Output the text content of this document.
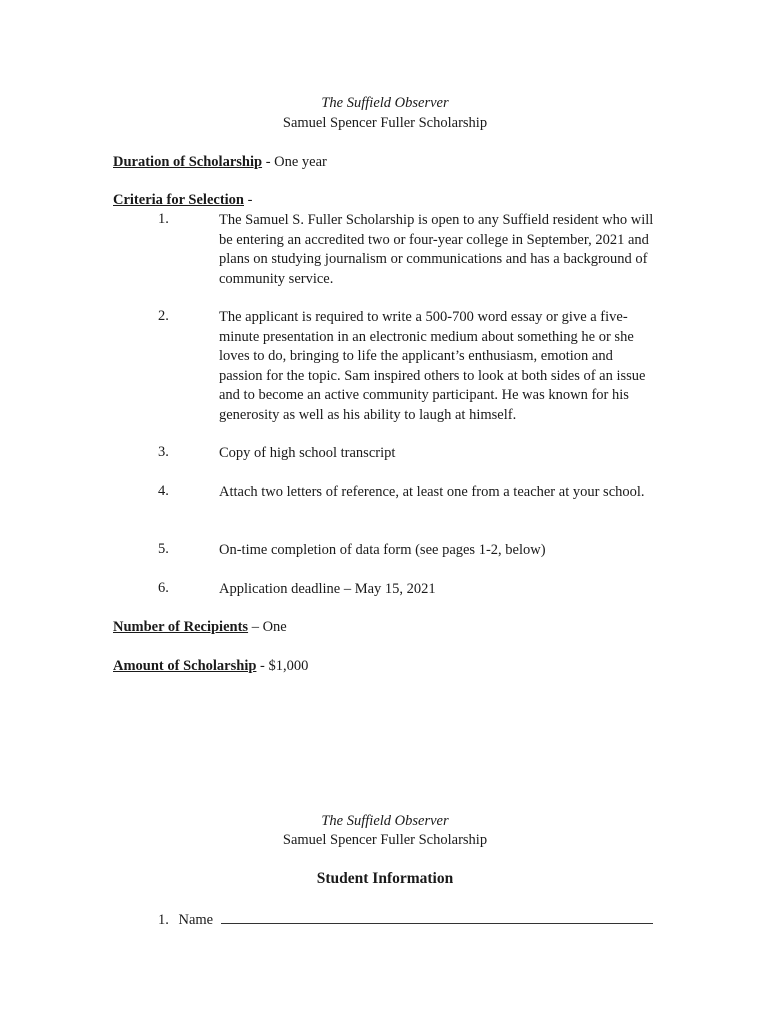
The Suffield Observer
Samuel Spencer Fuller Scholarship
Duration of Scholarship - One year
Criteria for Selection -
1.	The Samuel S. Fuller Scholarship is open to any Suffield resident who will be entering an accredited two or four-year college in September, 2021 and plans on studying journalism or communications and has a background of community service.
2.	The applicant is required to write a 500-700 word essay or give a five-minute presentation in an electronic medium about something he or she loves to do, bringing to life the applicant’s enthusiasm, emotion and passion for the topic. Sam inspired others to look at both sides of an issue and to become an active community participant. He was known for his generosity as well as his ability to laugh at himself.
3.	Copy of high school transcript
4.	Attach two letters of reference, at least one from a teacher at your school.
5.	On-time completion of data form (see pages 1-2, below)
6.	Application deadline – May 15, 2021
Number of Recipients – One
Amount of Scholarship - $1,000
The Suffield Observer
Samuel Spencer Fuller Scholarship
Student Information
1. Name
